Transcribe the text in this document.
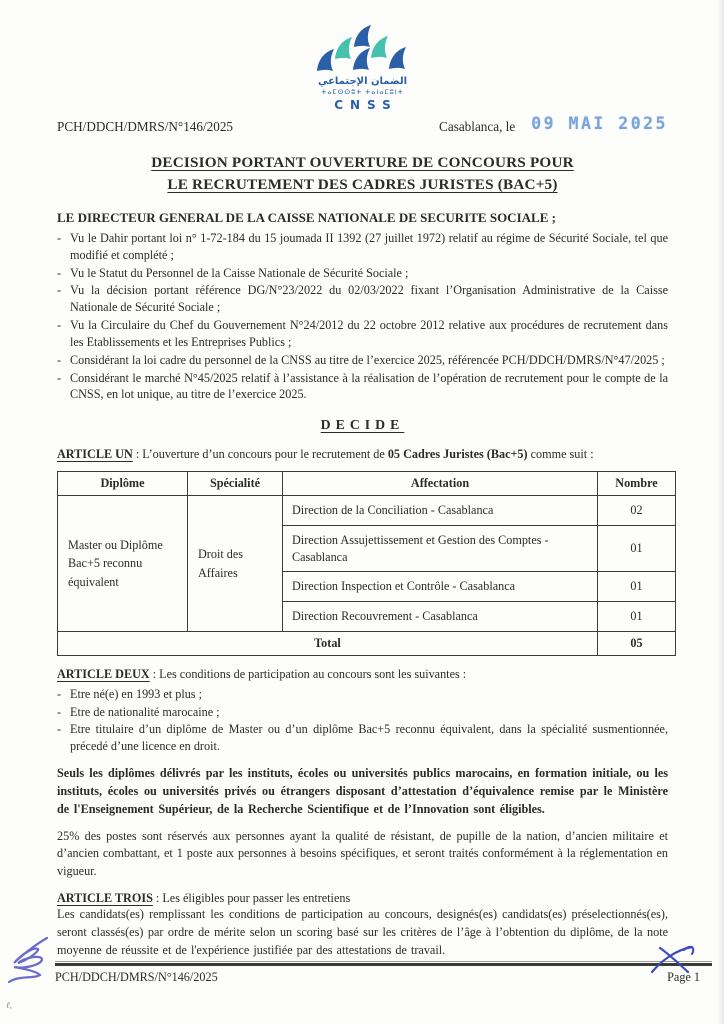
الضمان الإجتماعي
ⵜⴰⵎⵙⵙⵓⵜ ⵜⴰⵏⴰⵎⵓⵏⵜ
CNSS
PCH/DDCH/DMRS/N°146/2025	Casablanca, le 09 MAI 2025
DECISION PORTANT OUVERTURE DE CONCOURS POUR
LE RECRUTEMENT DES CADRES JURISTES (BAC+5)
LE DIRECTEUR GENERAL DE LA CAISSE NATIONALE DE SECURITE SOCIALE ;
- Vu le Dahir portant loi n° 1-72-184 du 15 joumada II 1392 (27 juillet 1972) relatif au régime de Sécurité Sociale, tel que modifié et complété ;
- Vu le Statut du Personnel de la Caisse Nationale de Sécurité Sociale ;
- Vu la décision portant référence DG/N°23/2022 du 02/03/2022 fixant l’Organisation Administrative de la Caisse Nationale de Sécurité Sociale ;
- Vu la Circulaire du Chef du Gouvernement N°24/2012 du 22 octobre 2012 relative aux procédures de recrutement dans les Etablissements et les Entreprises Publics ;
- Considérant la loi cadre du personnel de la CNSS au titre de l’exercice 2025, référencée PCH/DDCH/DMRS/N°47/2025 ;
- Considérant le marché N°45/2025 relatif à l’assistance à la réalisation de l’opération de recrutement pour le compte de la CNSS, en lot unique, au titre de l’exercice 2025.
DECIDE
ARTICLE UN : L’ouverture d’un concours pour le recrutement de 05 Cadres Juristes (Bac+5) comme suit :
Diplôme	Spécialité	Affectation	Nombre
Master ou Diplôme Bac+5 reconnu équivalent	Droit des Affaires	Direction de la Conciliation - Casablanca	02
		Direction Assujettissement et Gestion des Comptes - Casablanca	01
		Direction Inspection et Contrôle - Casablanca	01
		Direction Recouvrement - Casablanca	01
Total			05
ARTICLE DEUX : Les conditions de participation au concours sont les suivantes :
- Etre né(e) en 1993 et plus ;
- Etre de nationalité marocaine ;
- Etre titulaire d’un diplôme de Master ou d’un diplôme Bac+5 reconnu équivalent, dans la spécialité susmentionnée, précedé d’une licence en droit.
Seuls les diplômes délivrés par les instituts, écoles ou universités publics marocains, en formation initiale, ou les instituts, écoles ou universités privés ou étrangers disposant d’attestation d’équivalence remise par le Ministère de l'Enseignement Supérieur, de la Recherche Scientifique et de l’Innovation sont éligibles.
25% des postes sont réservés aux personnes ayant la qualité de résistant, de pupille de la nation, d’ancien militaire et d’ancien combattant, et 1 poste aux personnes à besoins spécifiques, et seront traités conformément à la réglementation en vigueur.
ARTICLE TROIS : Les éligibles pour passer les entretiens
Les candidats(es) remplissant les conditions de participation au concours, designés(es) candidats(es) préselectionnés(es), seront classés(es) par ordre de mérite selon un scoring basé sur les critères de l’âge à l’obtention du diplôme, de la note moyenne de réussite et de l'expérience justifiée par des attestations de travail.
PCH/DDCH/DMRS/N°146/2025	Page 1
ℓ,
